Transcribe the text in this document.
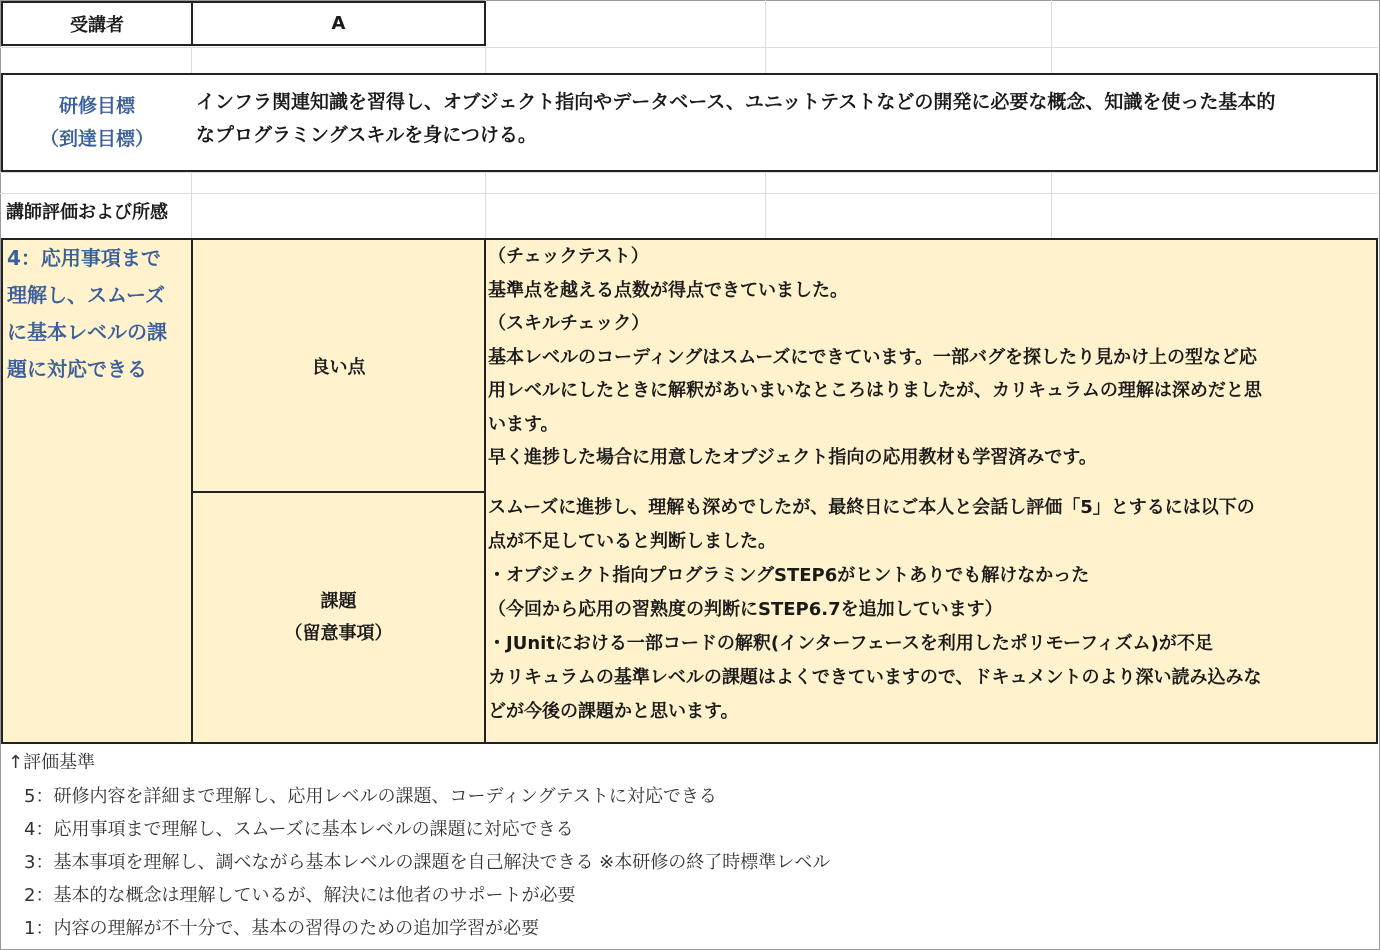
受講者	A
研修目標
（到達目標）
インフラ関連知識を習得し、オブジェクト指向やデータベース、ユニットテストなどの開発に必要な概念、知識を使った基本的
なプログラミングスキルを身につける。
講師評価および所感
4：応用事項まで
理解し、スムーズ
に基本レベルの課
題に対応できる	良い点
（チェックテスト）
基準点を越える点数が得点できていました。
（スキルチェック）
基本レベルのコーディングはスムーズにできています。一部バグを探したり見かけ上の型など応
用レベルにしたときに解釈があいまいなところはりましたが、カリキュラムの理解は深めだと思
います。
早く進捗した場合に用意したオブジェクト指向の応用教材も学習済みです。
課題
（留意事項）
スムーズに進捗し、理解も深めでしたが、最終日にご本人と会話し評価「5」とするには以下の
点が不足していると判断しました。
・オブジェクト指向プログラミングSTEP6がヒントありでも解けなかった
（今回から応用の習熟度の判断にSTEP6.7を追加しています）
・JUnitにおける一部コードの解釈(インターフェースを利用したポリモーフィズム)が不足
カリキュラムの基準レベルの課題はよくできていますので、ドキュメントのより深い読み込みな
どが今後の課題かと思います。
↑評価基準
5：研修内容を詳細まで理解し、応用レベルの課題、コーディングテストに対応できる
4：応用事項まで理解し、スムーズに基本レベルの課題に対応できる
3：基本事項を理解し、調べながら基本レベルの課題を自己解決できる ※本研修の終了時標準レベル
2：基本的な概念は理解しているが、解決には他者のサポートが必要
1：内容の理解が不十分で、基本の習得のための追加学習が必要
